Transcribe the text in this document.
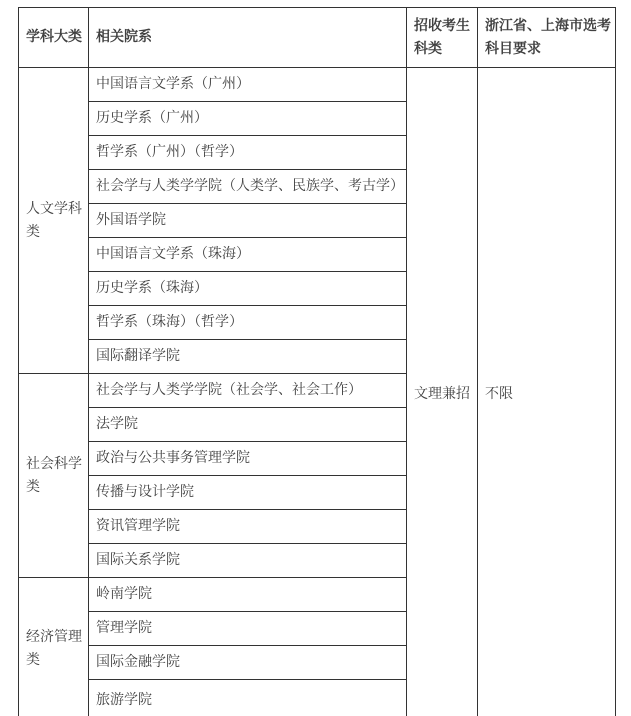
学科大类	相关院系	招收考生科类	浙江省、上海市选考科目要求
人文学科类	中国语言文学系（广州）	文理兼招	不限
	历史学系（广州）		
	哲学系（广州）（哲学）		
	社会学与人类学学院（人类学、民族学、考古学）		
	外国语学院		
	中国语言文学系（珠海）		
	历史学系（珠海）		
	哲学系（珠海）（哲学）		
	国际翻译学院		
社会科学类	社会学与人类学学院（社会学、社会工作）		
	法学院		
	政治与公共事务管理学院		
	传播与设计学院		
	资讯管理学院		
	国际关系学院		
经济管理类	岭南学院		
	管理学院		
	国际金融学院		
	旅游学院		
